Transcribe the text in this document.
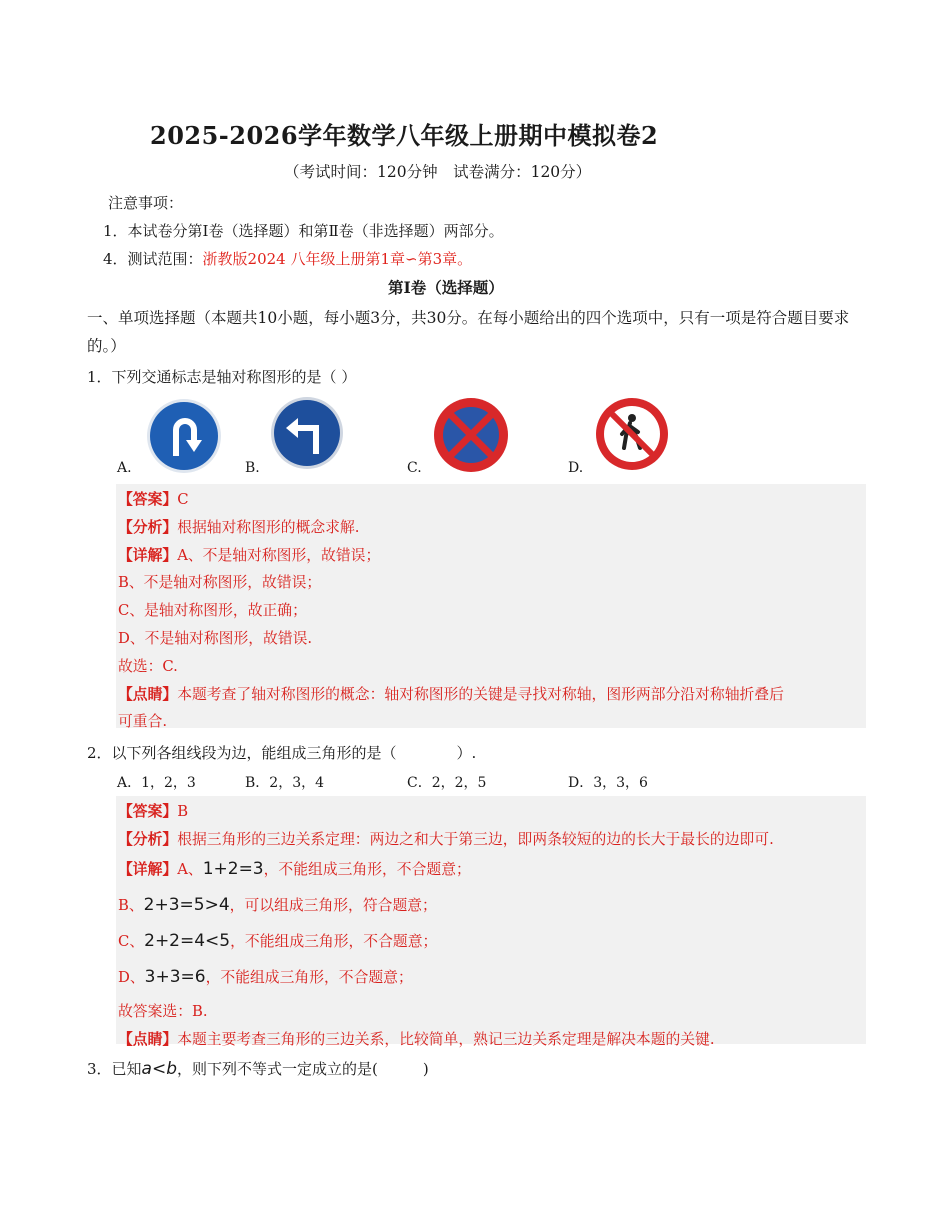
2025-2026学年数学八年级上册期中模拟卷2
（考试时间：120分钟　试卷满分：120分）
注意事项：
1．本试卷分第Ⅰ卷（选择题）和第Ⅱ卷（非选择题）两部分。
4．测试范围：浙教版2024 八年级上册第1章∽第3章。
第Ⅰ卷（选择题）
一、单项选择题（本题共10小题，每小题3分，共30分。在每小题给出的四个选项中，只有一项是符合题目要求的。）
1．下列交通标志是轴对称图形的是（ ）
A.	B.	C.	D.
【答案】C
【分析】根据轴对称图形的概念求解.
【详解】A、不是轴对称图形，故错误；
B、不是轴对称图形，故错误；
C、是轴对称图形，故正确；
D、不是轴对称图形，故错误.
故选：C.
【点睛】本题考查了轴对称图形的概念：轴对称图形的关键是寻找对称轴，图形两部分沿对称轴折叠后
可重合.
2．以下列各组线段为边，能组成三角形的是（　　　　）.
A．1，2，3	B．2，3，4	C．2，2，5	D．3，3，6
【答案】B
【分析】根据三角形的三边关系定理：两边之和大于第三边，即两条较短的边的长大于最长的边即可.
【详解】A、1+2=3，不能组成三角形，不合题意；
B、2+3=5>4，可以组成三角形，符合题意；
C、2+2=4<5，不能组成三角形，不合题意；
D、3+3=6，不能组成三角形，不合题意；
故答案选：B.
【点睛】本题主要考查三角形的三边关系，比较简单，熟记三边关系定理是解决本题的关键.
3．已知a<b，则下列不等式一定成立的是(　　　)
